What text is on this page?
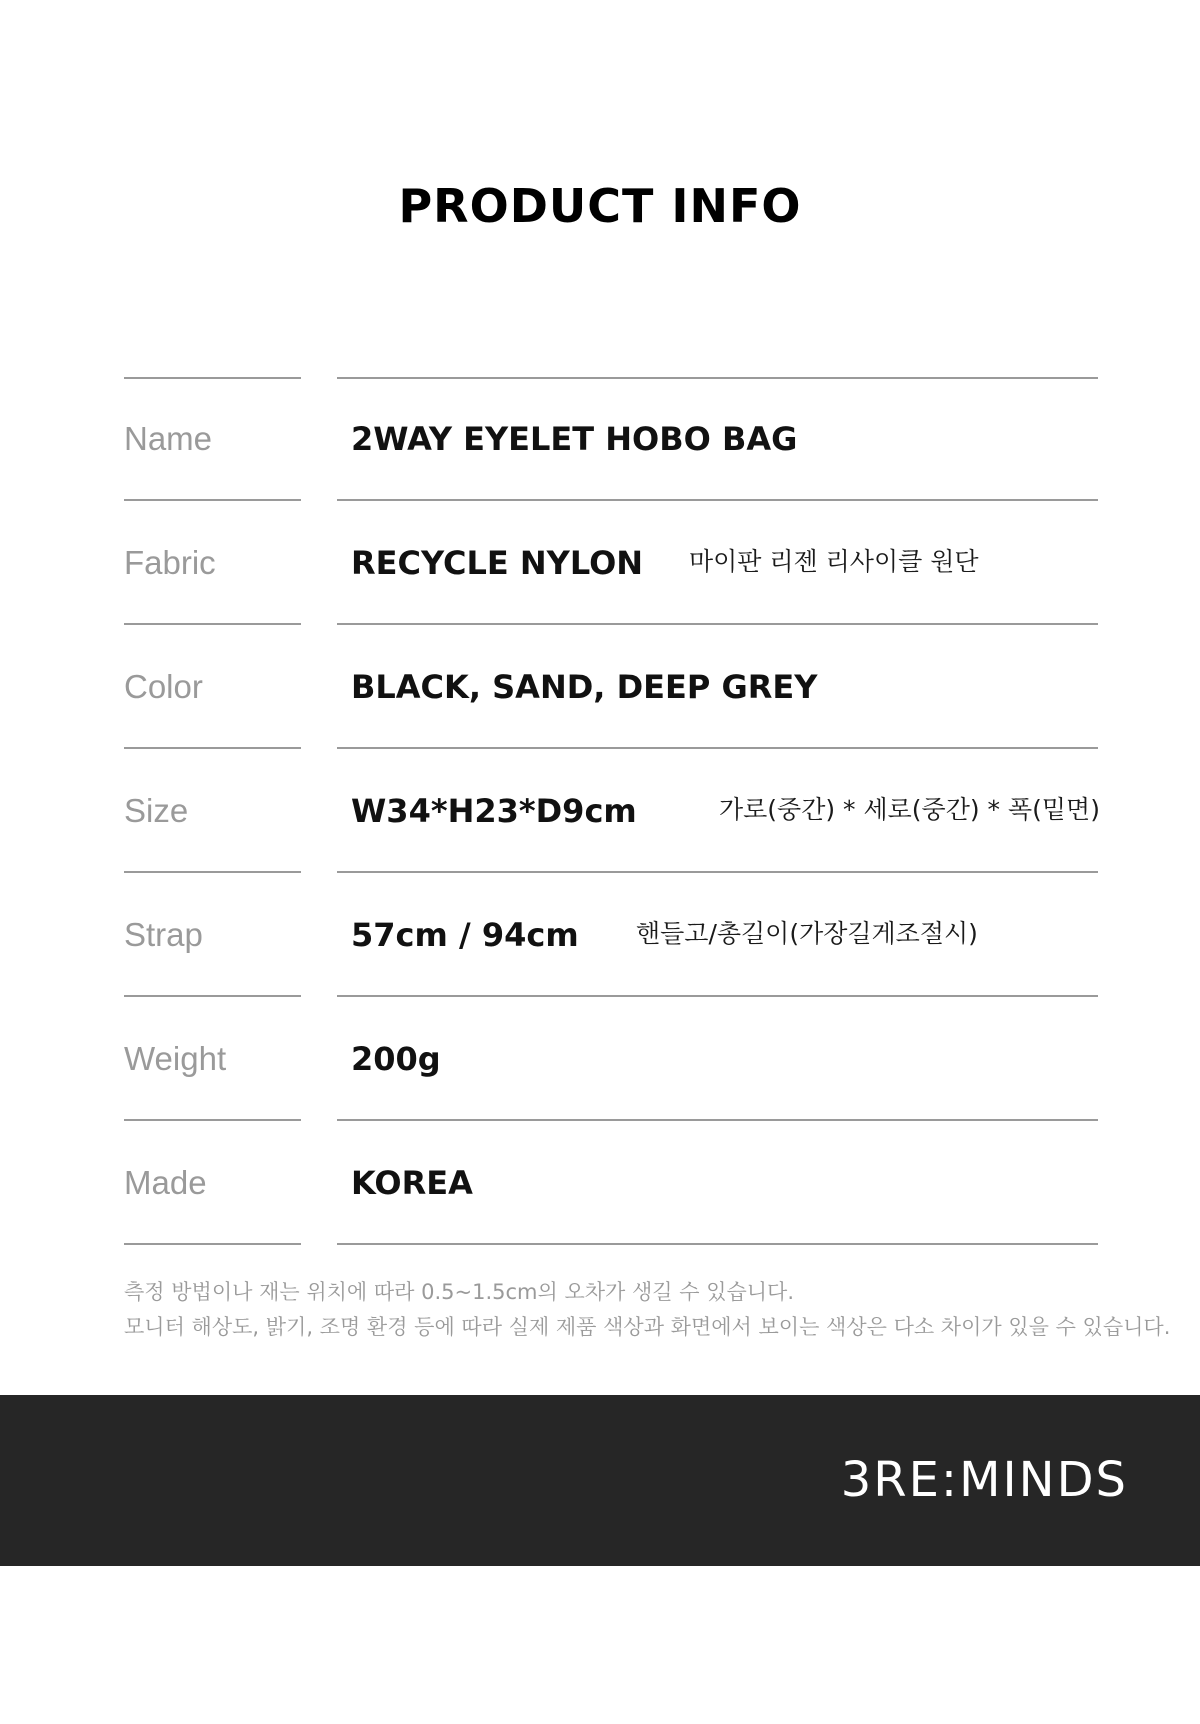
PRODUCT INFO
Name	2WAY EYELET HOBO BAG
Fabric	RECYCLE NYLON 마이판 리젠 리사이클 원단
Color	BLACK, SAND, DEEP GREY
Size	W34*H23*D9cm	가로(중간) * 세로(중간) * 폭(밑면)
Strap	57cm / 94cm 핸들고/총길이(가장길게조절시)
Weight	200g
Made	KOREA
측정 방법이나 재는 위치에 따라 0.5~1.5cm의 오차가 생길 수 있습니다.
모니터 해상도, 밝기, 조명 환경 등에 따라 실제 제품 색상과 화면에서 보이는 색상은 다소 차이가 있을 수 있습니다.
3RE:MINDS
